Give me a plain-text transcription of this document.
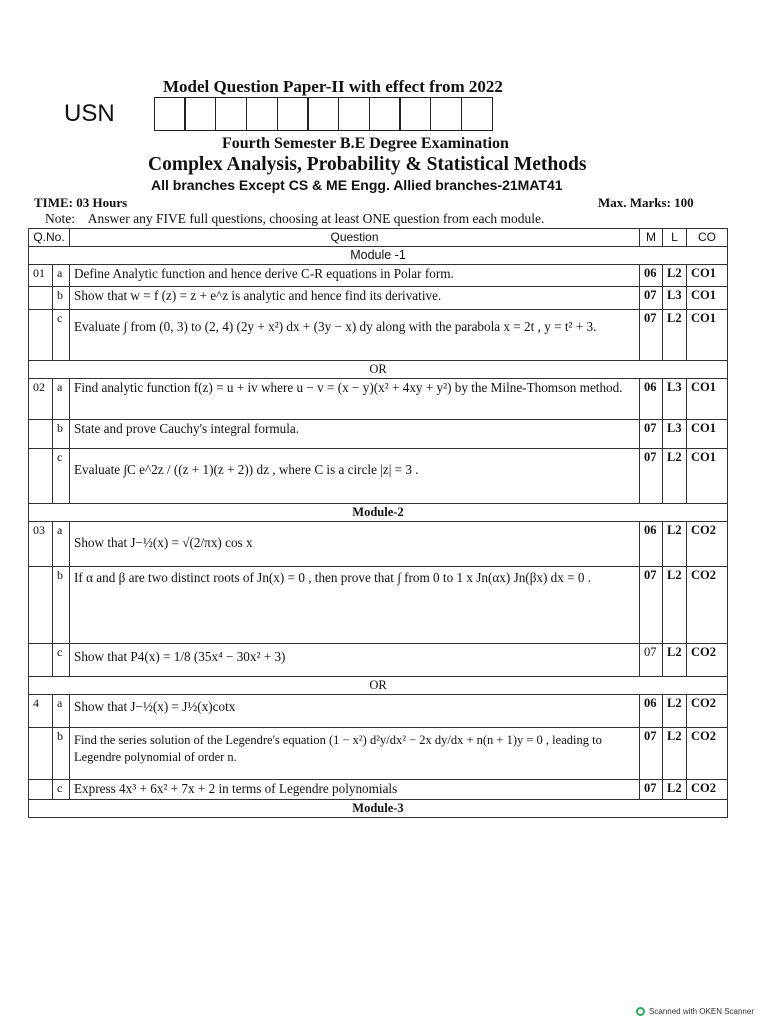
Model Question Paper-II with effect from 2022
USN
Fourth Semester B.E Degree Examination
Complex Analysis, Probability & Statistical Methods
All branches Except CS & ME Engg. Allied branches-21MAT41
TIME: 03 Hours	Max. Marks: 100
Note: Answer any FIVE full questions, choosing at least ONE question from each module.
Q.No.		Question	M	L	CO
Module -1					
01	a	Define Analytic function and hence derive C-R equations in Polar form.	06	L2	CO1
	b	Show that w = f (z) = z + e^z is analytic and hence find its derivative.	07	L3	CO1
	c	Evaluate ∫ from (0, 3) to (2, 4) (2y + x²) dx + (3y − x) dy along with the parabola x = 2t , y = t² + 3.	07	L2	CO1
OR					
02	a	Find analytic function f(z) = u + iv where u − v = (x − y)(x² + 4xy + y²) by the Milne-Thomson method.	06	L3	CO1
	b	State and prove Cauchy's integral formula.	07	L3	CO1
	c	Evaluate ∫C e^2z / ((z + 1)(z + 2)) dz , where C is a circle |z| = 3 .	07	L2	CO1
Module-2					
03	a	Show that J−½(x) = √(2/πx) cos x	06	L2	CO2
	b	If α and β are two distinct roots of Jn(x) = 0 , then prove that ∫ from 0 to 1 x Jn(αx) Jn(βx) dx = 0 .	07	L2	CO2
	c	Show that P4(x) = 1/8 (35x⁴ − 30x² + 3)	07	L2	CO2
OR					
4	a	Show that J−½(x) = J½(x)cotx	06	L2	CO2
	b	Find the series solution of the Legendre's equation (1 − x²) d²y/dx² − 2x dy/dx + n(n + 1)y = 0 , leading to Legendre polynomial of order n.	07	L2	CO2
	c	Express 4x³ + 6x² + 7x + 2 in terms of Legendre polynomials	07	L2	CO2
Module-3					
Scanned with OKEN Scanner
